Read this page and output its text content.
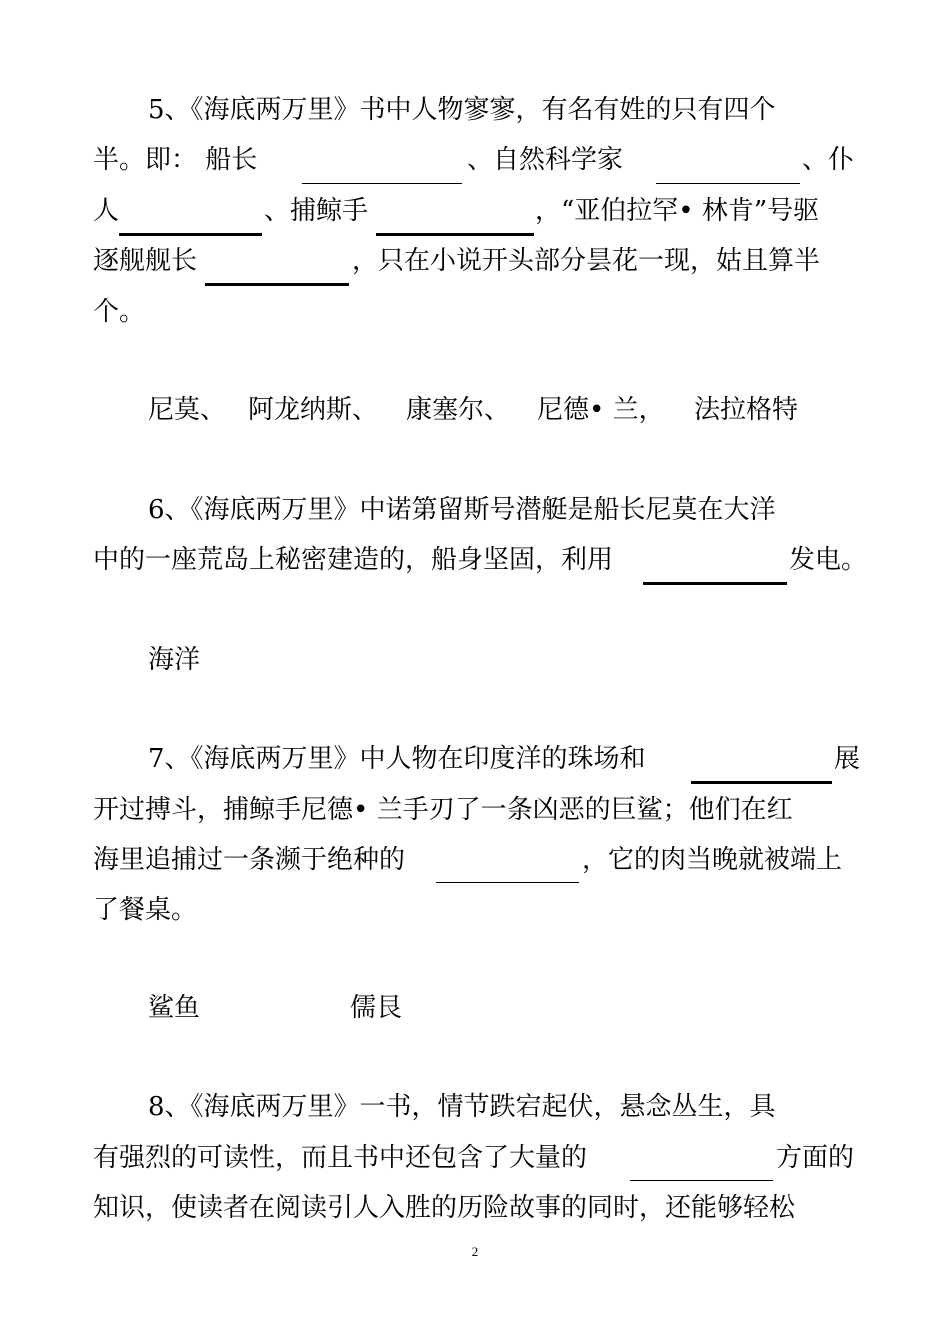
5、《海底两万里》书中人物寥寥，有名有姓的只有四个
半。即： 船长	、自然科学家	、仆
人	、捕鲸手	，“亚伯拉罕• 林肯”号驱
逐舰舰长	，只在小说开头部分昙花一现，姑且算半
个。
尼莫、 阿龙纳斯、 康塞尔、 尼德• 兰， 法拉格特
6、《海底两万里》中诺第留斯号潜艇是船长尼莫在大洋
中的一座荒岛上秘密建造的，船身坚固，利用	发电。
海洋
7、《海底两万里》中人物在印度洋的珠场和	展
开过搏斗，捕鲸手尼德• 兰手刃了一条凶恶的巨鲨；他们在红
海里追捕过一条濒于绝种的	，它的肉当晚就被端上
了餐桌。
鲨鱼	儒艮
8、《海底两万里》一书，情节跌宕起伏，悬念丛生，具
有强烈的可读性，而且书中还包含了大量的	方面的
知识，使读者在阅读引人入胜的历险故事的同时，还能够轻松
2
